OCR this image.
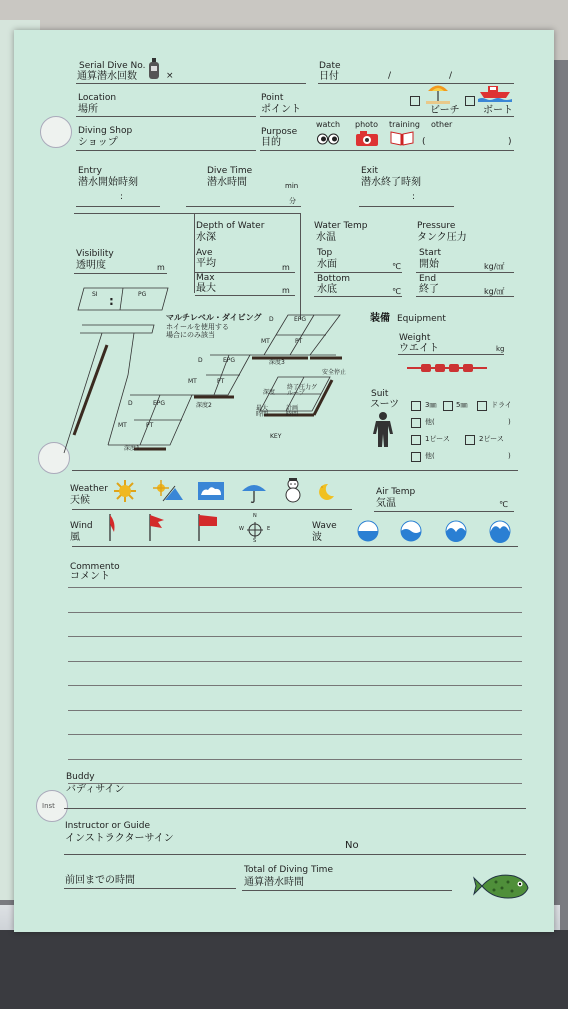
Inst
Serial Dive No.
通算潜水回数	×
Date
日付	/	/
Location
場所
Point
ポイント	ビーチ ボート
Diving Shop
ショップ
Purpose
目的
watch photo training other
(	)
Entry
潜水開始時刻
:
Dive Time
潜水時間	min
分
Exit
潜水終了時刻
:
Depth of Water
水深
Ave
平均	m
Max
最大	m
Visibility
透明度	m
Water Temp
水温
Top
水面	℃
Bottom
水底	℃
Pressure
タンク圧力
Start
開始	kg/㎠
End
終了	kg/㎠
SI	PG
:
マルチレベル・ダイビング
ホイールを使用する
場合にのみ該当
D	EPG
MT	PT
深度3
安全停止
D	EPG
MT	PT
深度2
D	EPG
MT	PT
深度1
深度
終了圧力グループ
最大時間
計画時間
KEY
装備 Equipment
Weight
ウエイト	kg
Suit
スーツ	3㎜	5㎜	ドライ
他(	)
1ピース	2ピース
他(	)
Weather
天候
Air Temp
気温	℃
Wind
風
N
S
W	E	Wave
波
Commento
コメント
Buddy
バディサイン
Instructor or Guide
インストラクターサイン
No
前回までの時間
Total of Diving Time
通算潜水時間
